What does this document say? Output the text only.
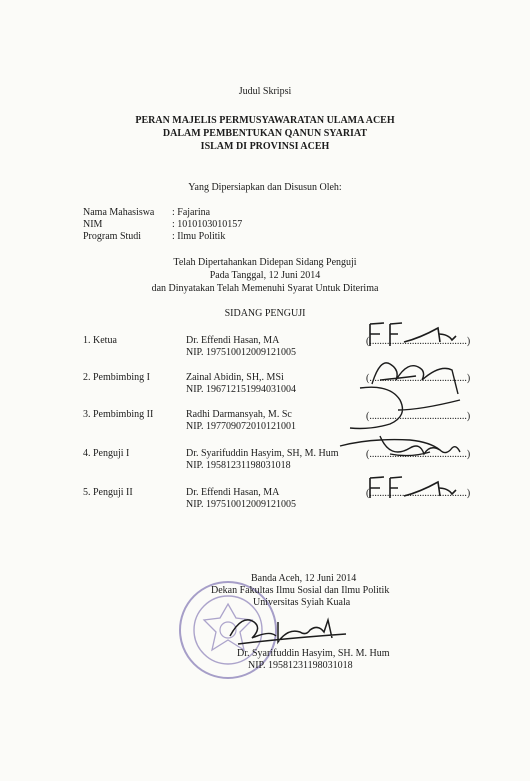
Judul Skripsi
PERAN MAJELIS PERMUSYAWARATAN ULAMA ACEH
DALAM PEMBENTUKAN QANUN SYARIAT
ISLAM DI PROVINSI ACEH
Yang Dipersiapkan dan Disusun Oleh:
Nama Mahasiswa : Fajarina
NIM	: 1010103010157
Program Studi	: Ilmu Politik
Telah Dipertahankan Didepan Sidang Penguji
Pada Tanggal, 12 Juni 2014
dan Dinyatakan Telah Memenuhi Syarat Untuk Diterima
SIDANG PENGUJI
1. Ketua	Dr. Effendi Hasan, MA
NIP. 197510012009121005
(.......................................)
2. Pembimbing I	Zainal Abidin, SH,. MSi
NIP. 196712151994031004
(.......................................)
3. Pembimbing II	Radhi Darmansyah, M. Sc
NIP. 197709072010121001
(.......................................)
4. Penguji I	Dr. Syarifuddin Hasyim, SH, M. Hum
NIP. 19581231198031018
(.......................................)
5. Penguji II	Dr. Effendi Hasan, MA
NIP. 197510012009121005
(.......................................)
Banda Aceh, 12 Juni 2014
Dekan Fakultas Ilmu Sosial dan Ilmu Politik
Universitas Syiah Kuala
Dr. Syarifuddin Hasyim, SH. M. Hum
NIP. 19581231198031018
